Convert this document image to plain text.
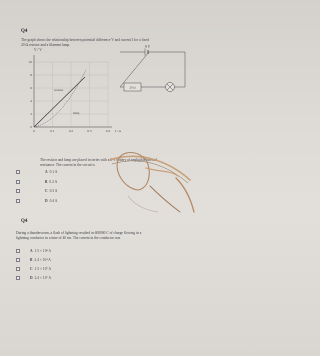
Q4
The graph shows the relationship between potential difference V and current I for a fixed
20 Ω resistor and a filament lamp.
V / V
10
8
6
4
2
0
0	0.1	0.2	0.3	0.4 I / A
resistor
lamp
9 V
20 Ω
The resistor and lamp are placed in series with a 9 V battery of negligible internal
resistance. The current in the circuit is
A 0.1 A
B 0.2 A
C 0.3 A
D 0.4 A
Q4
During a thunderstorm, a flash of lightning resulted in 600000 C of charge flowing in a
lightning conductor in a time of 40 ms. The current in the conductor was
A 1.5 × 10⁴ A
B 2.4 × 10⁴ A
C 1.5 × 10⁷ A
D 2.4 × 10⁷ A
